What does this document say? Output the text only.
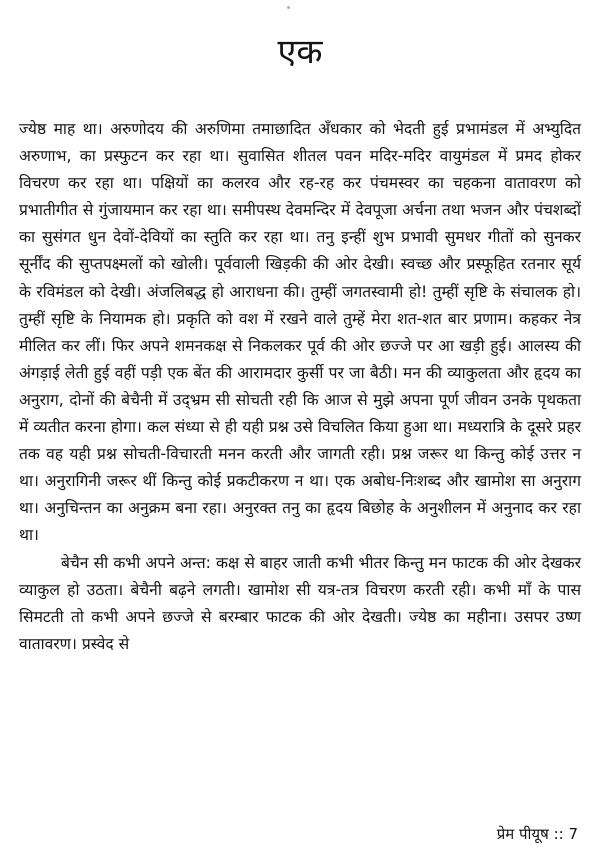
एक

ज्येष्ठ माह था। अरुणोदय की अरुणिमा तमाछादित अँधकार को भेदती हुई प्रभामंडल में अभ्युदित अरुणाभ, का प्रस्फुटन कर रहा था। सुवासित शीतल पवन मदिर-मदिर वायुमंडल में प्रमद होकर विचरण कर रहा था। पक्षियों का कलरव और रह-रह कर पंचमस्वर का चहकना वातावरण को प्रभातीगीत से गुंजायमान कर रहा था। समीपस्थ देवमन्दिर में देवपूजा अर्चना तथा भजन और पंचशब्दों का सुसंगत धुन देवों-देवियों का स्तुति कर रहा था। तनु इन्हीं शुभ प्रभावी सुमधर गीतों को सुनकर सूर्नींद की सुप्तपक्ष्मलों को खोली। पूर्ववाली खिड़की की ओर देखी। स्वच्छ और प्रस्फूहित रतनार सूर्य के रविमंडल को देखी। अंजलिबद्ध हो आराधना की। तुम्हीं जगतस्वामी हो! तुम्हीं सृष्टि के संचालक हो। तुम्हीं सृष्टि के नियामक हो। प्रकृति को वश में रखने वाले तुम्हें मेरा शत-शत बार प्रणाम। कहकर नेत्र मीलित कर लीं। फिर अपने शमनकक्ष से निकलकर पूर्व की ओर छज्जे पर आ खड़ी हुई। आलस्य की अंगड़ाई लेती हुई वहीं पड़ी एक बेंत की आरामदार कुर्सी पर जा बैठी। मन की व्याकुलता और हृदय का अनुराग, दोनों की बेचैनी में उद्भ्रम सी सोचती रही कि आज से मुझे अपना पूर्ण जीवन उनके पृथकता में व्यतीत करना होगा। कल संध्या से ही यही प्रश्न उसे विचलित किया हुआ था। मध्यरात्रि के दूसरे प्रहर तक वह यही प्रश्न सोचती-विचारती मनन करती और जागती रही। प्रश्न जरूर था किन्तु कोई उत्तर न था। अनुरागिनी जरूर थीं किन्तु कोई प्रकटीकरण न था। एक अबोध-निःशब्द और खामोश सा अनुराग था। अनुचिन्तन का अनुक्रम बना रहा। अनुरक्त तनु का हृदय बिछोह के अनुशीलन में अनुनाद कर रहा था।

बेचैन सी कभी अपने अन्त: कक्ष से बाहर जाती कभी भीतर किन्तु मन फाटक की ओर देखकर व्याकुल हो उठता। बेचैनी बढ़ने लगती। खामोश सी यत्र-तत्र विचरण करती रही। कभी माँ के पास सिमटती तो कभी अपने छज्जे से बरम्बार फाटक की ओर देखती। ज्येष्ठ का महीना। उसपर उष्ण वातावरण। प्रस्वेद से

प्रेम पीयूष :: 7
